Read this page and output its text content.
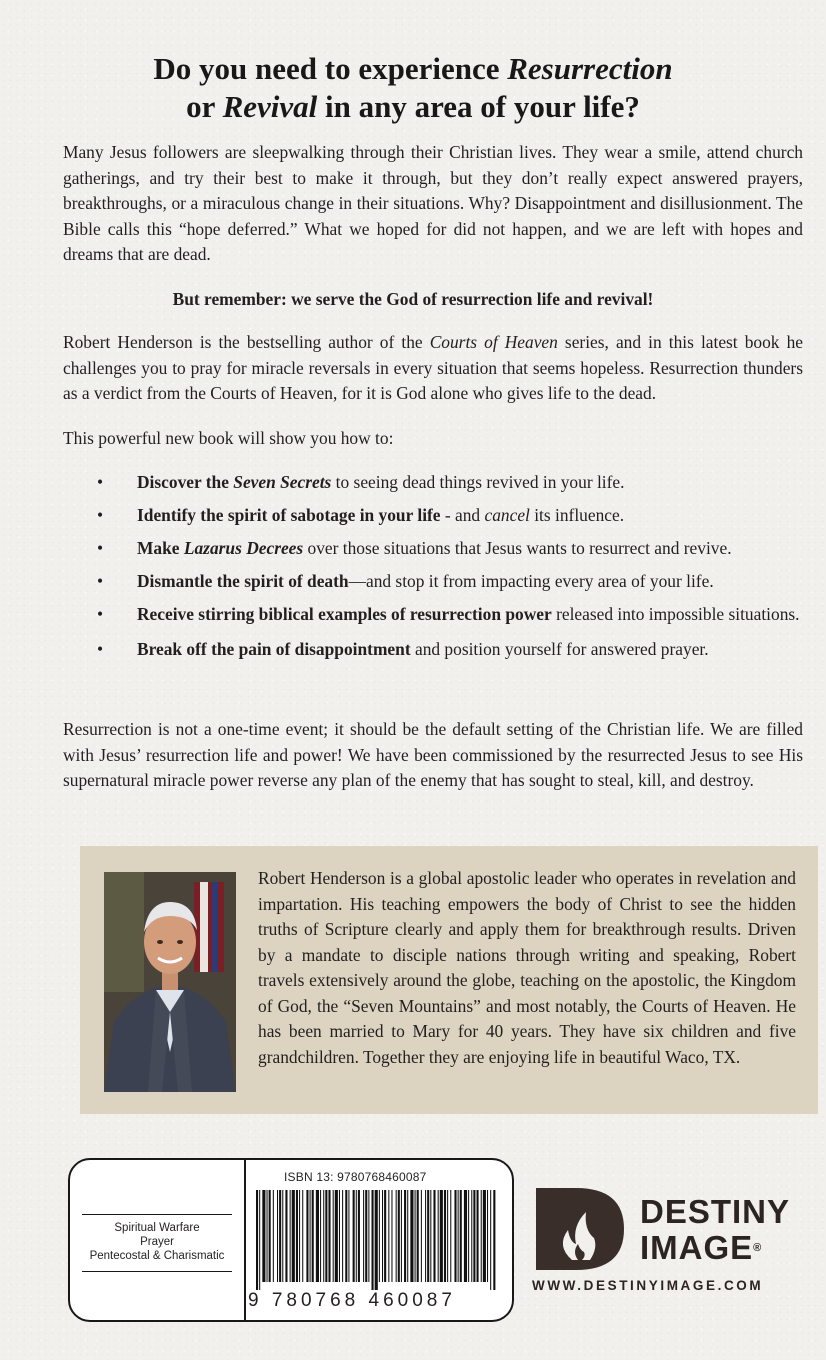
Do you need to experience Resurrection
or Revival in any area of your life?

Many Jesus followers are sleepwalking through their Christian lives. They wear a smile, attend church gatherings, and try their best to make it through, but they don’t really expect answered prayers, breakthroughs, or a miraculous change in their situations. Why? Disappointment and disillusionment. The Bible calls this “hope deferred.” What we hoped for did not happen, and we are left with hopes and dreams that are dead.

But remember: we serve the God of resurrection life and revival!

Robert Henderson is the bestselling author of the Courts of Heaven series, and in this latest book he challenges you to pray for miracle reversals in every situation that seems hopeless. Resurrection thunders as a verdict from the Courts of Heaven, for it is God alone who gives life to the dead.

This powerful new book will show you how to:

• Discover the Seven Secrets to seeing dead things revived in your life.
• Identify the spirit of sabotage in your life - and cancel its influence.
• Make Lazarus Decrees over those situations that Jesus wants to resurrect and revive.
• Dismantle the spirit of death—and stop it from impacting every area of your life.
• Receive stirring biblical examples of resurrection power released into impossible situations.
• Break off the pain of disappointment and position yourself for answered prayer.

Resurrection is not a one-time event; it should be the default setting of the Christian life. We are filled with Jesus’ resurrection life and power! We have been commissioned by the resurrected Jesus to see His supernatural miracle power reverse any plan of the enemy that has sought to steal, kill, and destroy.

Robert Henderson is a global apostolic leader who operates in revelation and impartation. His teaching empowers the body of Christ to see the hidden truths of Scripture clearly and apply them for breakthrough results. Driven by a mandate to disciple nations through writing and speaking, Robert travels extensively around the globe, teaching on the apostolic, the Kingdom of God, the “Seven Mountains” and most notably, the Courts of Heaven. He has been married to Mary for 40 years. They have six children and five grandchildren. Together they are enjoying life in beautiful Waco, TX.

Spiritual Warfare
Prayer
Pentecostal & Charismatic
ISBN 13: 9780768460087
9 780768 460087
DESTINY
IMAGE®
WWW.DESTINYIMAGE.COM
